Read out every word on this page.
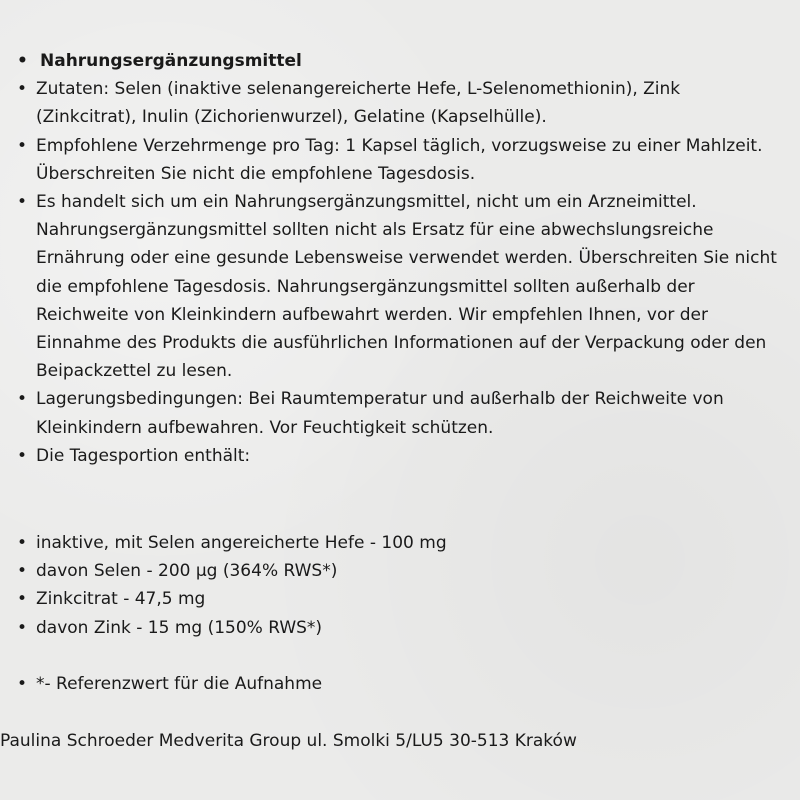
• Nahrungsergänzungsmittel
• Zutaten: Selen (inaktive selenangereicherte Hefe, L-Selenomethionin), Zink (Zinkcitrat), Inulin (Zichorienwurzel), Gelatine (Kapselhülle).
• Empfohlene Verzehrmenge pro Tag: 1 Kapsel täglich, vorzugsweise zu einer Mahlzeit. Überschreiten Sie nicht die empfohlene Tagesdosis.
• Es handelt sich um ein Nahrungsergänzungsmittel, nicht um ein Arzneimittel. Nahrungsergänzungsmittel sollten nicht als Ersatz für eine abwechslungsreiche Ernährung oder eine gesunde Lebensweise verwendet werden. Überschreiten Sie nicht die empfohlene Tagesdosis. Nahrungsergänzungsmittel sollten außerhalb der Reichweite von Kleinkindern aufbewahrt werden. Wir empfehlen Ihnen, vor der Einnahme des Produkts die ausführlichen Informationen auf der Verpackung oder den Beipackzettel zu lesen.
• Lagerungsbedingungen: Bei Raumtemperatur und außerhalb der Reichweite von Kleinkindern aufbewahren. Vor Feuchtigkeit schützen.
• Die Tagesportion enthält:
• inaktive, mit Selen angereicherte Hefe - 100 mg
• davon Selen - 200 µg (364% RWS*)
• Zinkcitrat - 47,5 mg
• davon Zink - 15 mg (150% RWS*)
• *- Referenzwert für die Aufnahme
Paulina Schroeder Medverita Group ul. Smolki 5/LU5 30-513 Kraków
